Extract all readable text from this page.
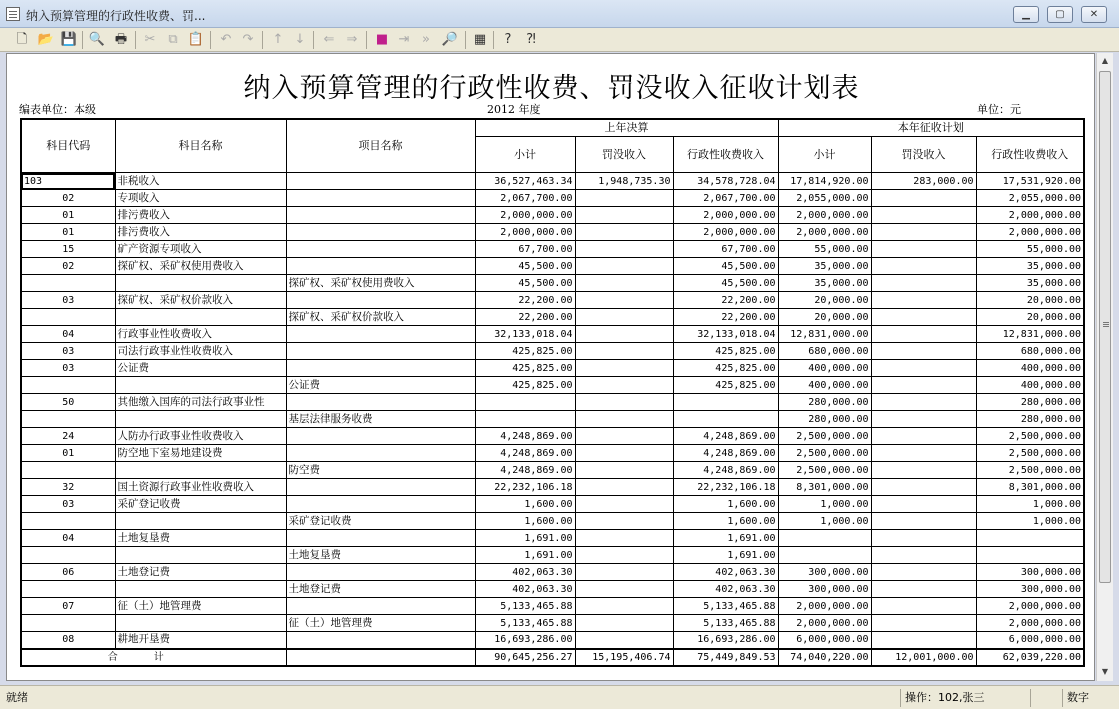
纳入预算管理的行政性收费、罚...	▁	▢	✕
🗋 📂 💾 🔍 🖶	✂ ⧉ 📋	↶ ↷	↑ ↓	⇐ ⇒	■ ⇥ » 🔎 ▦	?	⁈
纳入预算管理的行政性收费、罚没收入征收计划表
编表单位：本级	2012 年度	单位：元
科目代码	科目名称	项目名称	上年决算			本年征收计划		
			小计	罚没收入	行政性收费收入	小计	罚没收入	行政性收费收入
103	非税收入		36,527,463.34	1,948,735.30	34,578,728.04	17,814,920.00	283,000.00	17,531,920.00
02	专项收入		2,067,700.00		2,067,700.00	2,055,000.00		2,055,000.00
01	排污费收入		2,000,000.00		2,000,000.00	2,000,000.00		2,000,000.00
01	排污费收入		2,000,000.00		2,000,000.00	2,000,000.00		2,000,000.00
15	矿产资源专项收入		67,700.00		67,700.00	55,000.00		55,000.00
02	探矿权、采矿权使用费收入		45,500.00		45,500.00	35,000.00		35,000.00
		探矿权、采矿权使用费收入	45,500.00		45,500.00	35,000.00		35,000.00
03	探矿权、采矿权价款收入		22,200.00		22,200.00	20,000.00		20,000.00
		探矿权、采矿权价款收入	22,200.00		22,200.00	20,000.00		20,000.00
04	行政事业性收费收入		32,133,018.04		32,133,018.04	12,831,000.00		12,831,000.00
03	司法行政事业性收费收入		425,825.00		425,825.00	680,000.00		680,000.00
03	公证费		425,825.00		425,825.00	400,000.00		400,000.00
		公证费	425,825.00		425,825.00	400,000.00		400,000.00
50	其他缴入国库的司法行政事业性					280,000.00		280,000.00
		基层法律服务收费				280,000.00		280,000.00
24	人防办行政事业性收费收入		4,248,869.00		4,248,869.00	2,500,000.00		2,500,000.00
01	防空地下室易地建设费		4,248,869.00		4,248,869.00	2,500,000.00		2,500,000.00
		防空费	4,248,869.00		4,248,869.00	2,500,000.00		2,500,000.00
32	国土资源行政事业性收费收入		22,232,106.18		22,232,106.18	8,301,000.00		8,301,000.00
03	采矿登记收费		1,600.00		1,600.00	1,000.00		1,000.00
		采矿登记收费	1,600.00		1,600.00	1,000.00		1,000.00
04	土地复垦费		1,691.00		1,691.00			
		土地复垦费	1,691.00		1,691.00			
06	土地登记费		402,063.30		402,063.30	300,000.00		300,000.00
		土地登记费	402,063.30		402,063.30	300,000.00		300,000.00
07	征（土）地管理费		5,133,465.88		5,133,465.88	2,000,000.00		2,000,000.00
		征（土）地管理费	5,133,465.88		5,133,465.88	2,000,000.00		2,000,000.00
08	耕地开垦费		16,693,286.00		16,693,286.00	6,000,000.00		6,000,000.00
合计			90,645,256.27	15,195,406.74	75,449,849.53	74,040,220.00	12,001,000.00	62,039,220.00
▲
▼
就绪	操作：102,张三	数字
